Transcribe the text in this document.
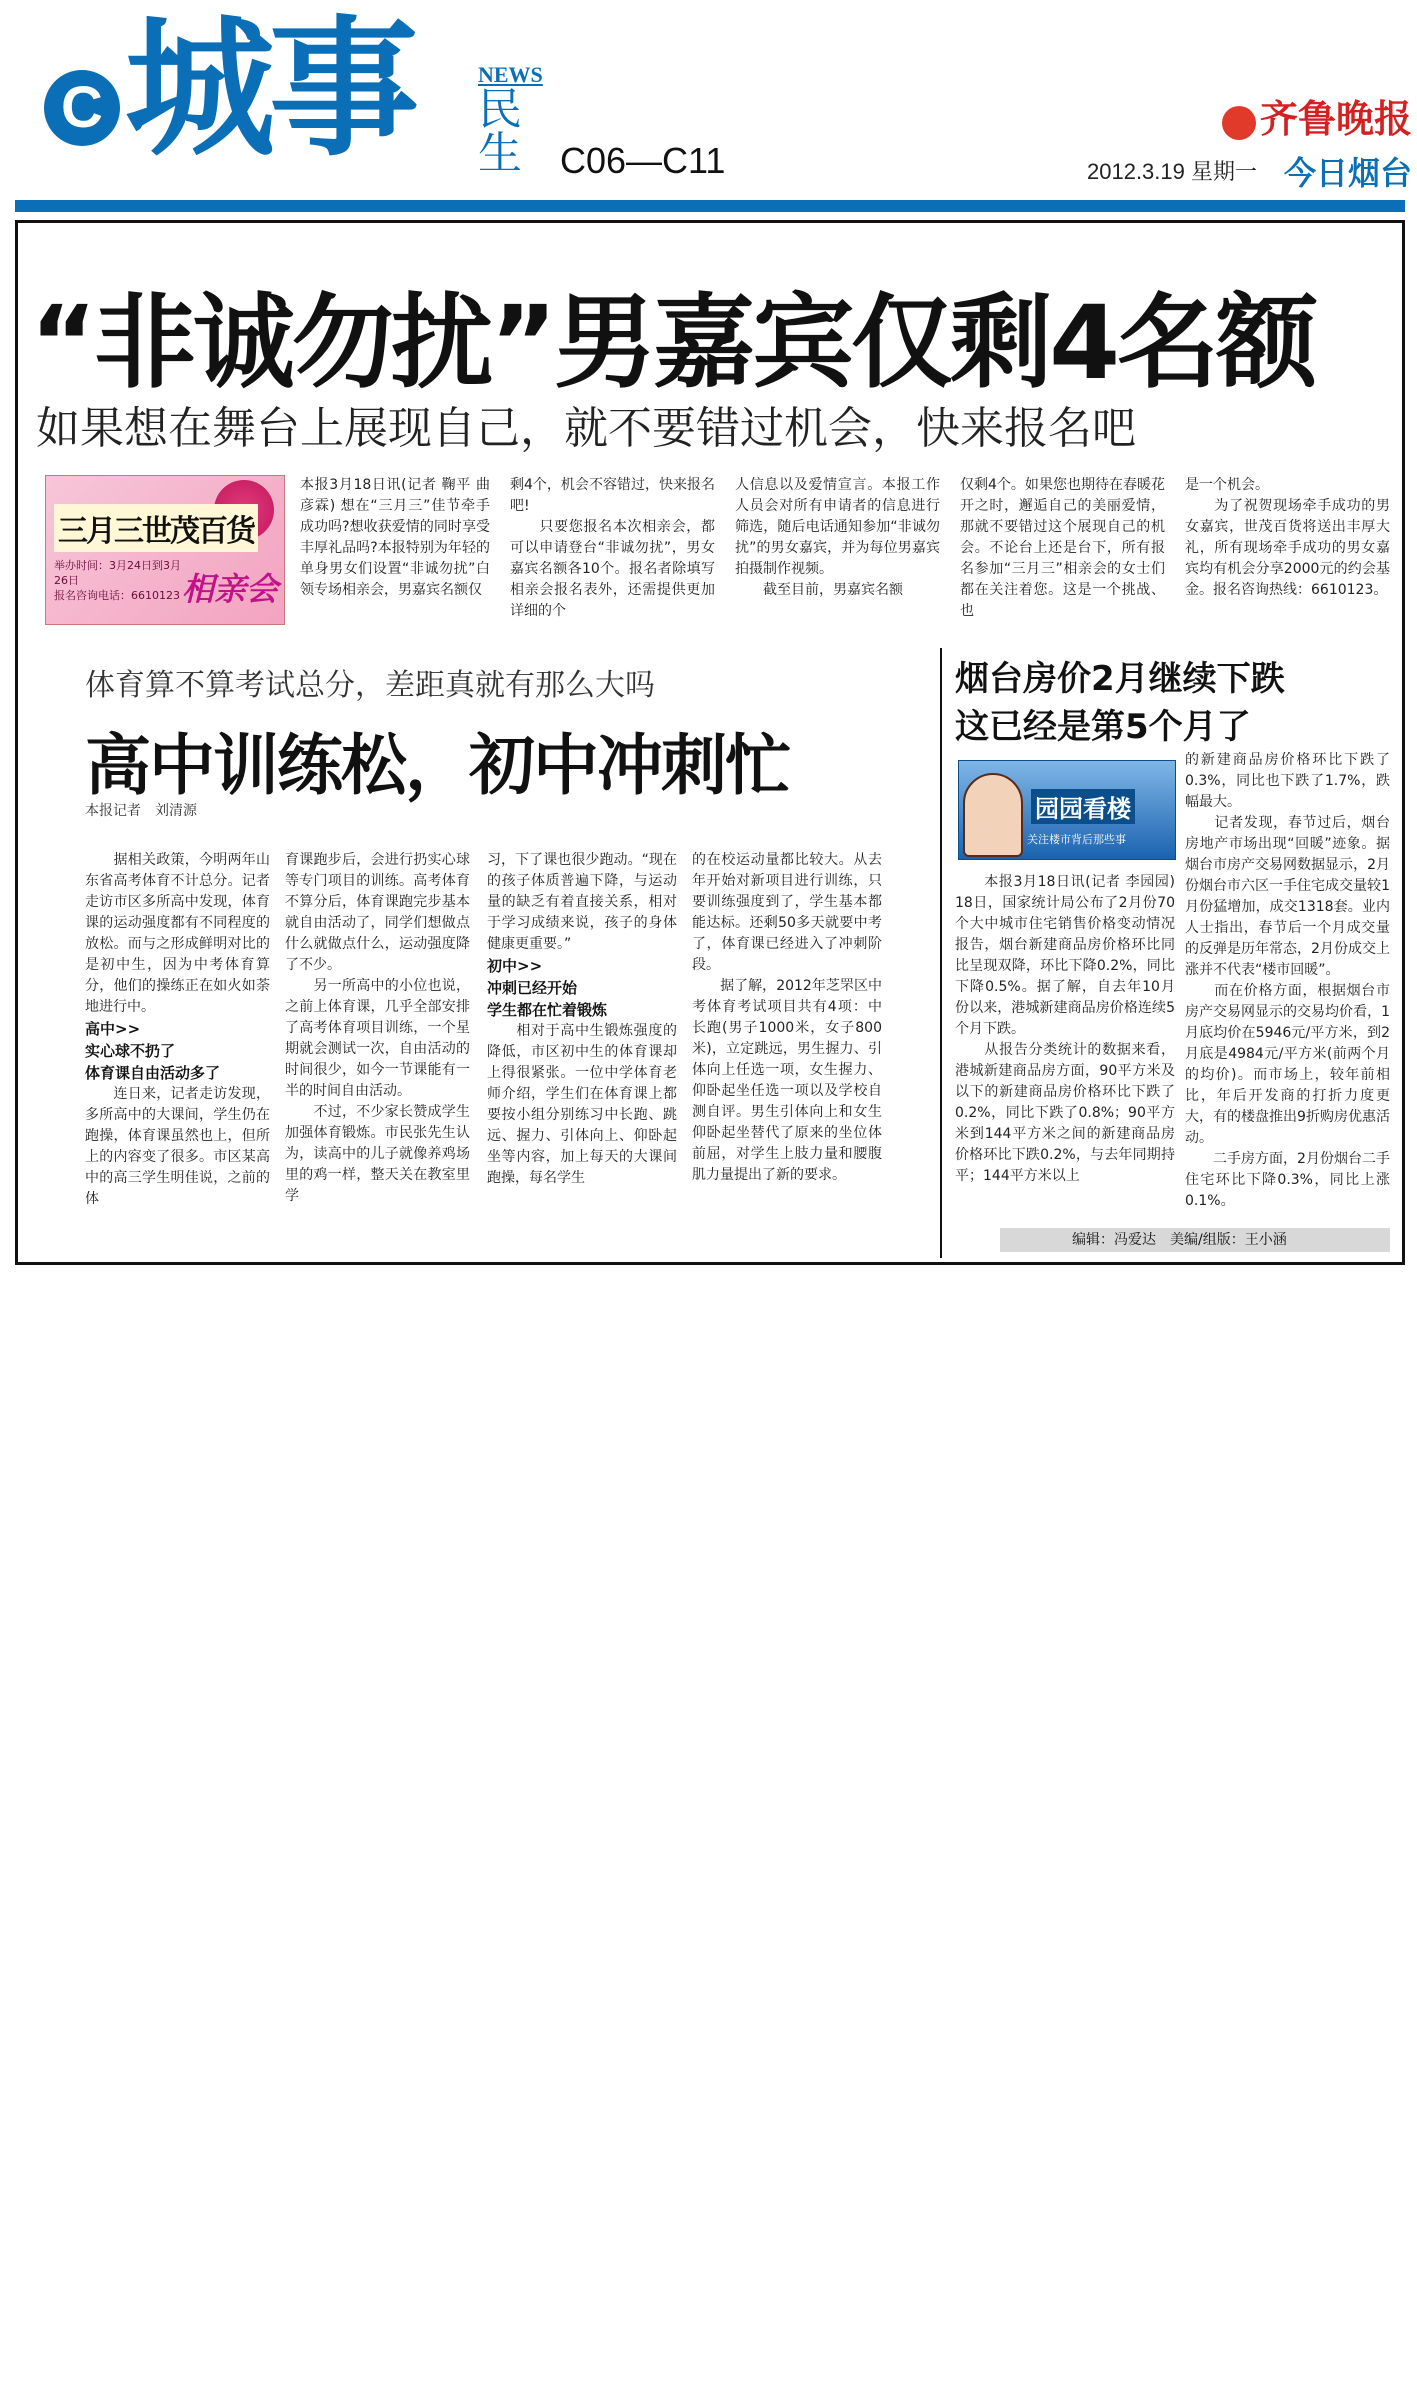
C 城事	NEWS
民生 C06—C11
齐鲁晚报
2012.3.19 星期一 今日烟台
“非诚勿扰”男嘉宾仅剩4名额
如果想在舞台上展现自己，就不要错过机会，快来报名吧
三月三世茂百货
举办时间：3月24日到3月26日
报名咨询电话：6610123 相亲会
本报3月18日讯(记者 鞠平 曲彦霖) 想在“三月三”佳节牵手成功吗?想收获爱情的同时享受丰厚礼品吗?本报特别为年轻的单身男女们设置“非诚勿扰”白领专场相亲会，男嘉宾名额仅
剩4个，机会不容错过，快来报名吧!
　　只要您报名本次相亲会，都可以申请登台“非诚勿扰”，男女嘉宾名额各10个。报名者除填写相亲会报名表外，还需提供更加详细的个
人信息以及爱情宣言。本报工作人员会对所有申请者的信息进行筛选，随后电话通知参加“非诚勿扰”的男女嘉宾，并为每位男嘉宾拍摄制作视频。
　　截至目前，男嘉宾名额
仅剩4个。如果您也期待在春暖花开之时，邂逅自己的美丽爱情，那就不要错过这个展现自己的机会。不论台上还是台下，所有报名参加“三月三”相亲会的女士们都在关注着您。这是一个挑战、也
是一个机会。
　　为了祝贺现场牵手成功的男女嘉宾，世茂百货将送出丰厚大礼，所有现场牵手成功的男女嘉宾均有机会分享2000元的约会基金。报名咨询热线：6610123。
体育算不算考试总分，差距真就有那么大吗
高中训练松，初中冲刺忙
本报记者　刘清源
　　据相关政策，今明两年山东省高考体育不计总分。记者走访市区多所高中发现，体育课的运动强度都有不同程度的放松。而与之形成鲜明对比的是初中生，因为中考体育算分，他们的操练正在如火如荼地进行中。
高中>>
实心球不扔了
体育课自由活动多了
　　连日来，记者走访发现，多所高中的大课间，学生仍在跑操，体育课虽然也上，但所上的内容变了很多。市区某高中的高三学生明佳说，之前的体
育课跑步后，会进行扔实心球等专门项目的训练。高考体育不算分后，体育课跑完步基本就自由活动了，同学们想做点什么就做点什么，运动强度降了不少。
　　另一所高中的小位也说，之前上体育课，几乎全部安排了高考体育项目训练，一个星期就会测试一次，自由活动的时间很少，如今一节课能有一半的时间自由活动。
　　不过，不少家长赞成学生加强体育锻炼。市民张先生认为，读高中的儿子就像养鸡场里的鸡一样，整天关在教室里学
习，下了课也很少跑动。“现在的孩子体质普遍下降，与运动量的缺乏有着直接关系，相对于学习成绩来说，孩子的身体健康更重要。”
初中>>
冲刺已经开始
学生都在忙着锻炼
　　相对于高中生锻炼强度的降低，市区初中生的体育课却上得很紧张。一位中学体育老师介绍，学生们在体育课上都要按小组分别练习中长跑、跳远、握力、引体向上、仰卧起坐等内容，加上每天的大课间跑操，每名学生
的在校运动量都比较大。从去年开始对新项目进行训练，只要训练强度到了，学生基本都能达标。还剩50多天就要中考了，体育课已经进入了冲刺阶段。
　　据了解，2012年芝罘区中考体育考试项目共有4项：中长跑(男子1000米，女子800米)，立定跳远，男生握力、引体向上任选一项，女生握力、仰卧起坐任选一项以及学校自测自评。男生引体向上和女生仰卧起坐替代了原来的坐位体前屈，对学生上肢力量和腰腹肌力量提出了新的要求。
烟台房价2月继续下跌
这已经是第5个月了
园园看楼
关注楼市背后那些事
　　本报3月18日讯(记者 李园园) 18日，国家统计局公布了2月份70个大中城市住宅销售价格变动情况报告，烟台新建商品房价格环比同比呈现双降，环比下降0.2%，同比下降0.5%。据了解，自去年10月份以来，港城新建商品房价格连续5个月下跌。
　　从报告分类统计的数据来看，港城新建商品房方面，90平方米及以下的新建商品房价格环比下跌了0.2%，同比下跌了0.8%；90平方米到144平方米之间的新建商品房价格环比下跌0.2%，与去年同期持平；144平方米以上
的新建商品房价格环比下跌了0.3%，同比也下跌了1.7%，跌幅最大。
　　记者发现，春节过后，烟台房地产市场出现“回暖”迹象。据烟台市房产交易网数据显示，2月份烟台市六区一手住宅成交量较1月份猛增加，成交1318套。业内人士指出，春节后一个月成交量的反弹是历年常态，2月份成交上涨并不代表“楼市回暖”。
　　而在价格方面，根据烟台市房产交易网显示的交易均价看，1月底均价在5946元/平方米，到2月底是4984元/平方米(前两个月的均价)。而市场上，较年前相比，年后开发商的打折力度更大，有的楼盘推出9折购房优惠活动。
　　二手房方面，2月份烟台二手住宅环比下降0.3%，同比上涨0.1%。
编辑：冯爱达　美编/组版：王小涵
